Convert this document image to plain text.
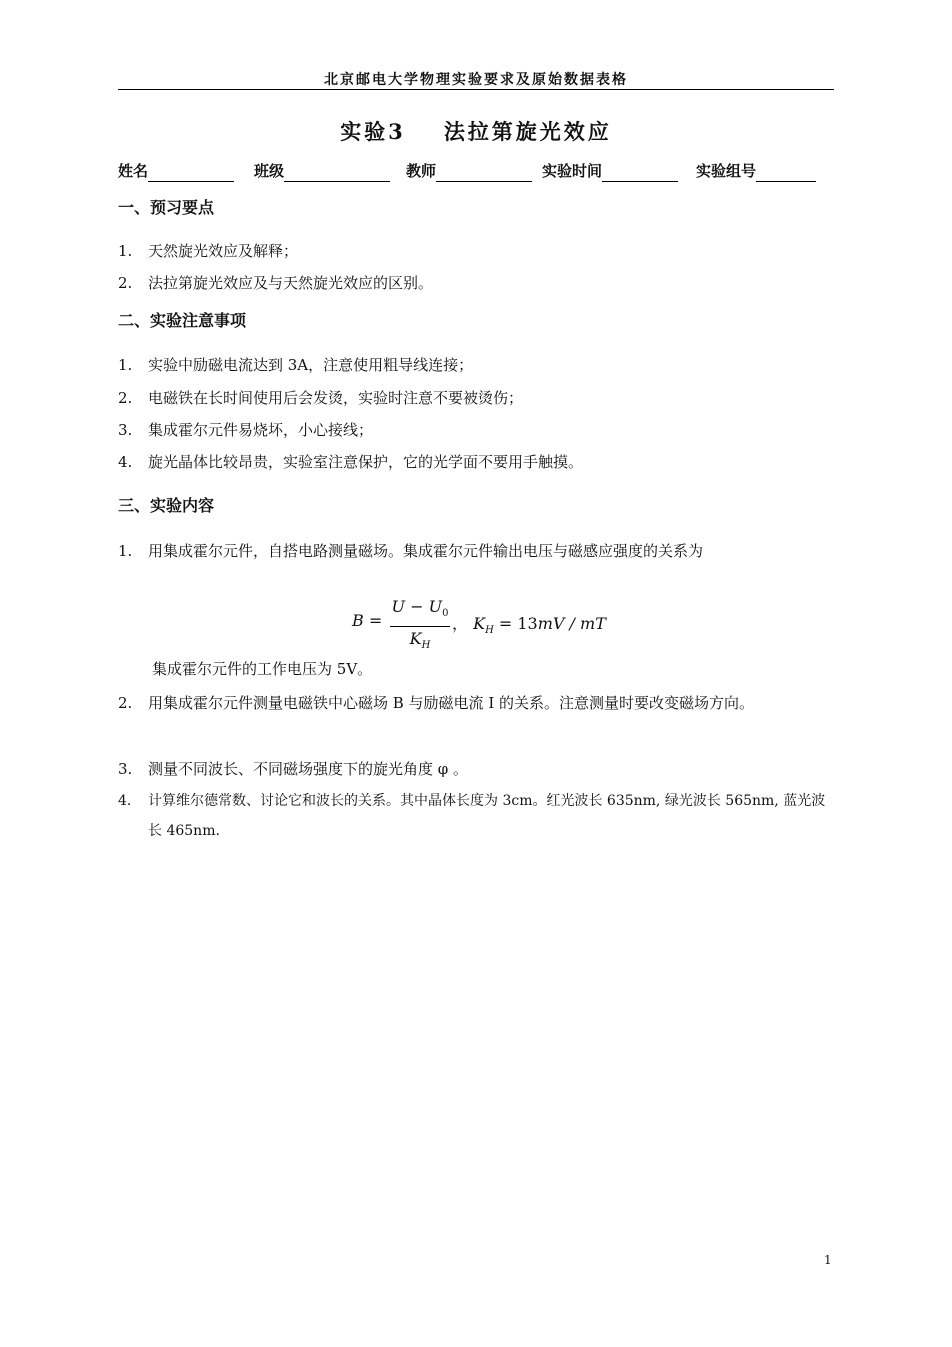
北京邮电大学物理实验要求及原始数据表格
实验3 法拉第旋光效应
姓名	班级	教师	实验时间	实验组号
一、预习要点
1. 天然旋光效应及解释；
2. 法拉第旋光效应及与天然旋光效应的区别。
二、实验注意事项
1. 实验中励磁电流达到 3A，注意使用粗导线连接；
2. 电磁铁在长时间使用后会发烫，实验时注意不要被烫伤；
3. 集成霍尔元件易烧坏，小心接线；
4. 旋光晶体比较昂贵，实验室注意保护，它的光学面不要用手触摸。
三、实验内容
1. 用集成霍尔元件，自搭电路测量磁场。集成霍尔元件输出电压与磁感应强度的关系为
B =
$U - U_0$
$K_H$
， $K_H = 13mV$ / mT
集成霍尔元件的工作电压为 5V。
2. 用集成霍尔元件测量电磁铁中心磁场 B 与励磁电流 I 的关系。注意测量时要改变磁场方向。
3. 测量不同波长、不同磁场强度下的旋光角度 φ 。
4. 计算维尔德常数、讨论它和波长的关系。其中晶体长度为 3cm。红光波长 635nm, 绿光波长 565nm, 蓝光波长 465nm.
1
